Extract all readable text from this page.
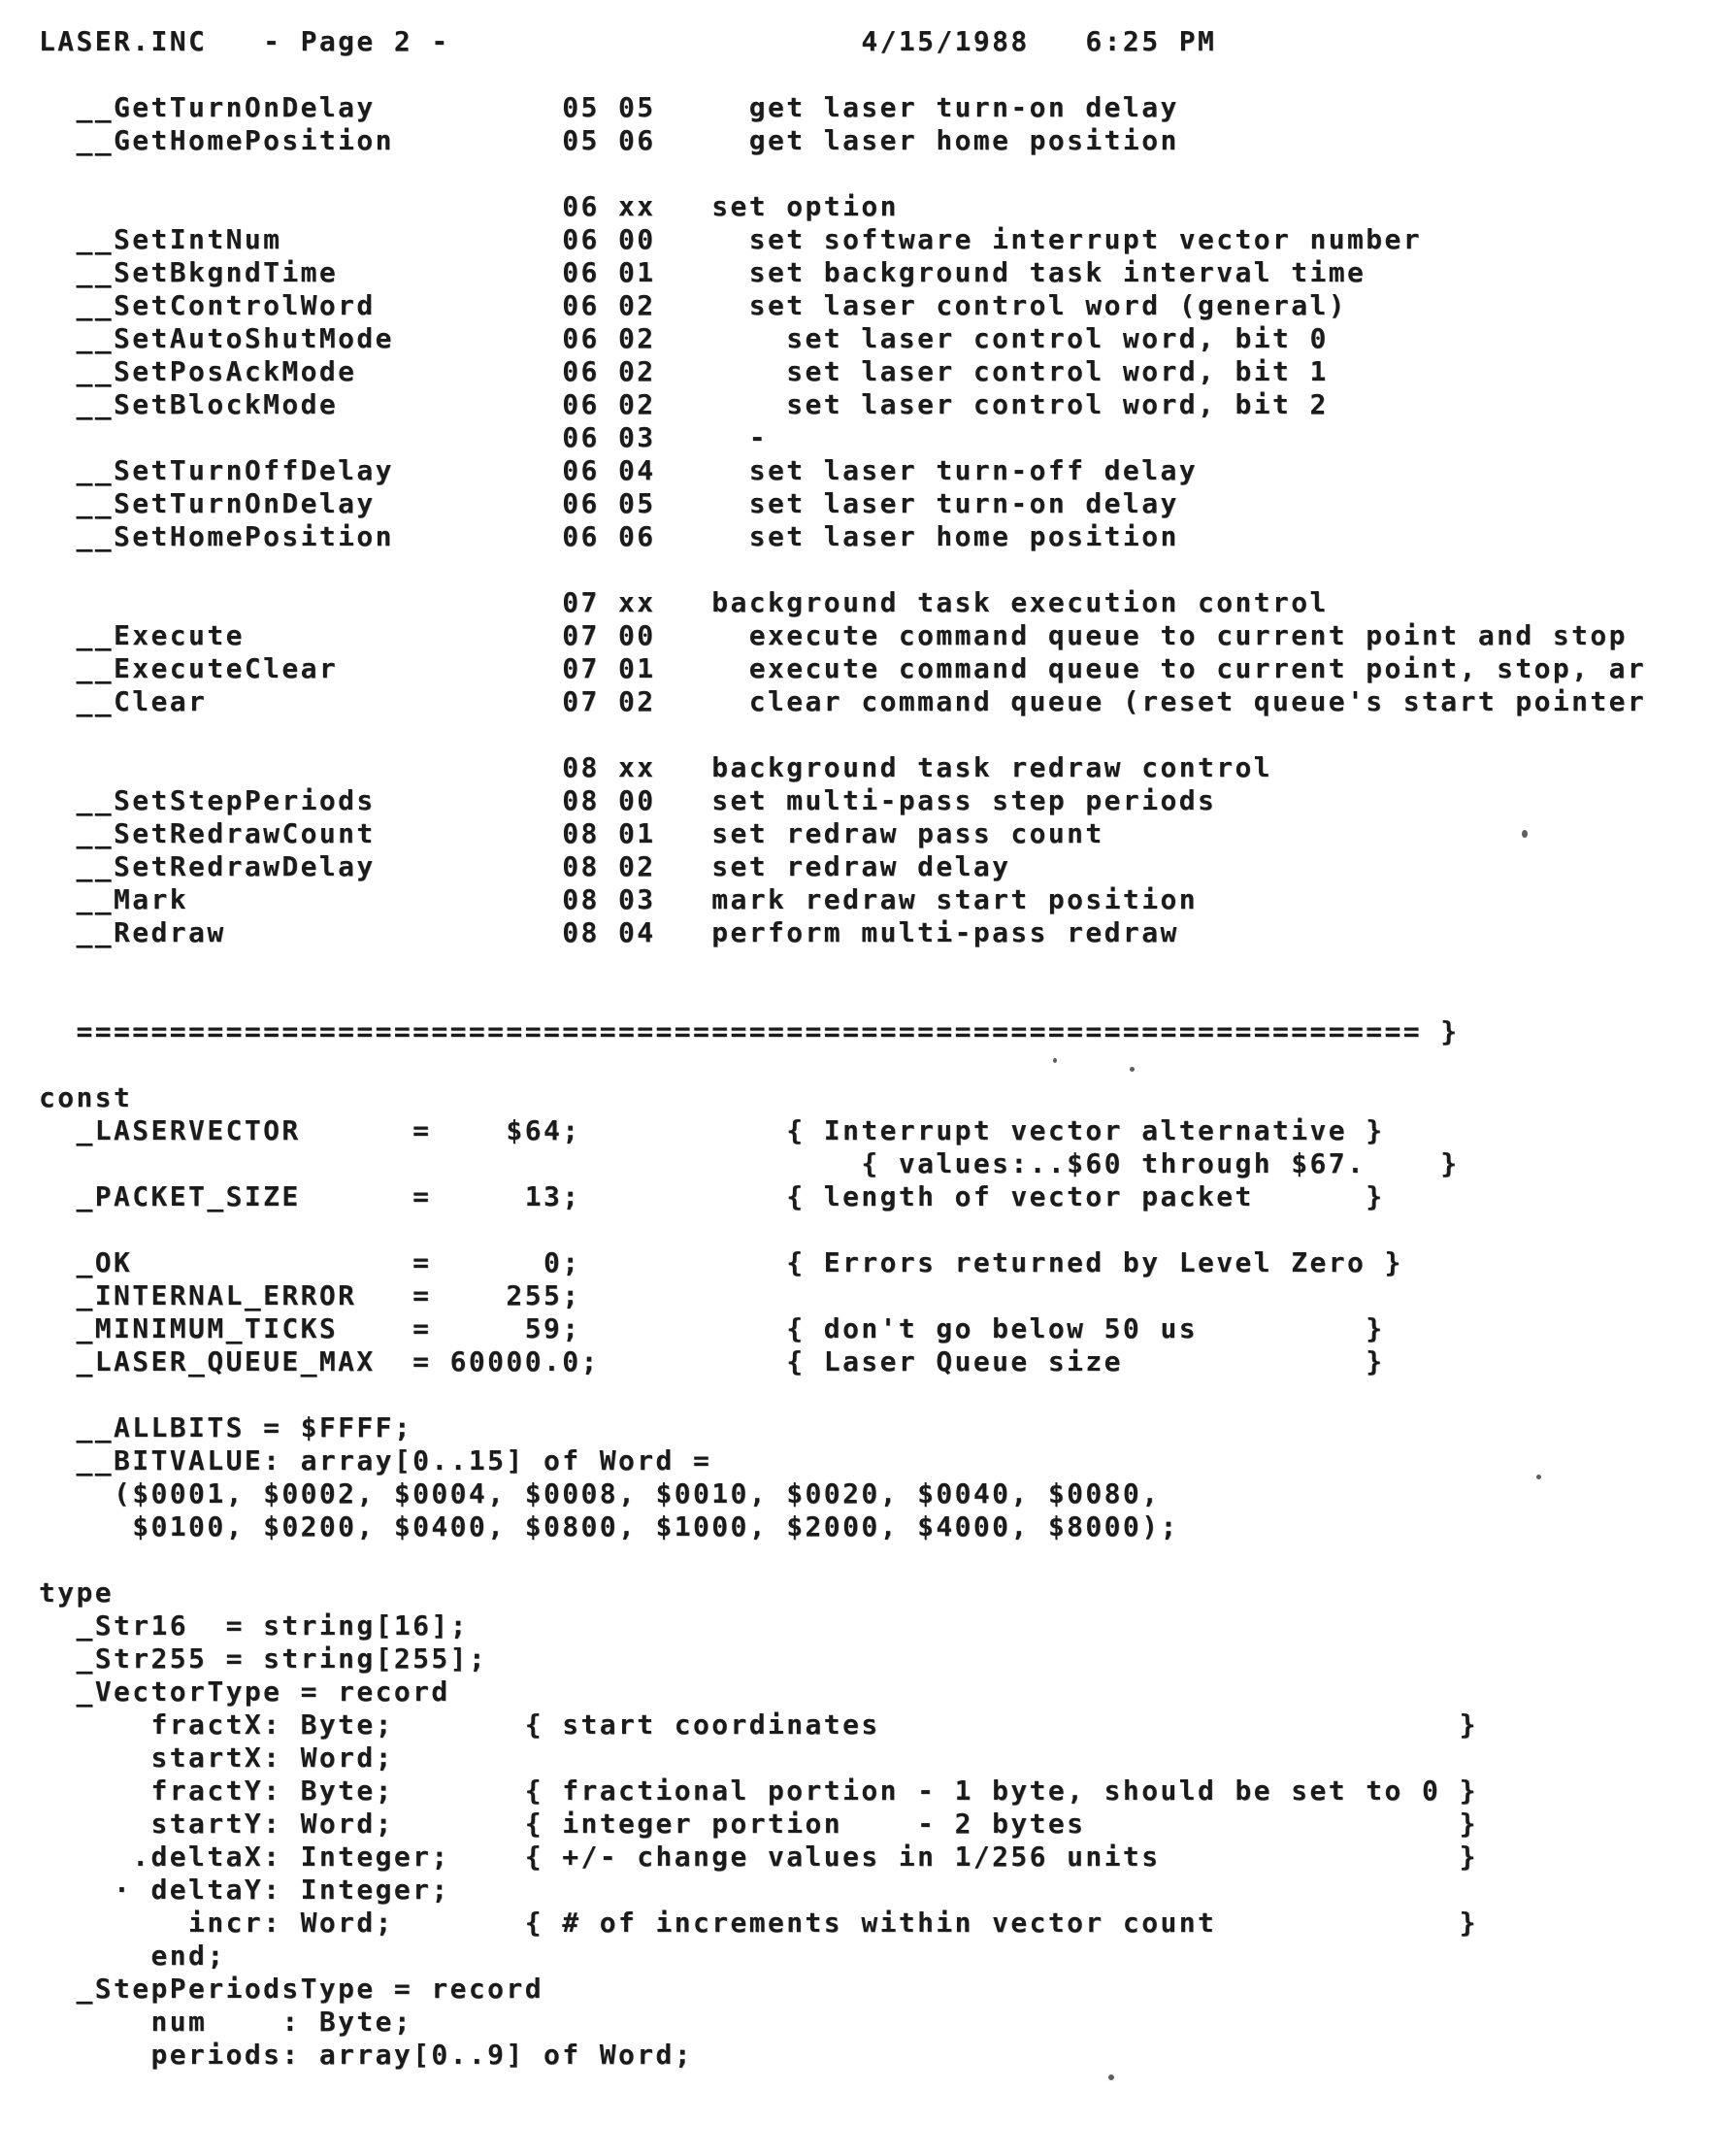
LASER.INC   - Page 2 -                      4/15/1988   6:25 PM
__GetTurnOnDelay          05 05     get laser turn-on delay
__GetHomePosition         05 06     get laser home position
06 xx   set option
__SetIntNum               06 00     set software interrupt vector number
__SetBkgndTime            06 01     set background task interval time
__SetControlWord          06 02     set laser control word (general)
__SetAutoShutMode         06 02       set laser control word, bit 0
__SetPosAckMode           06 02       set laser control word, bit 1
__SetBlockMode            06 02       set laser control word, bit 2
06 03     -
__SetTurnOffDelay         06 04     set laser turn-off delay
__SetTurnOnDelay          06 05     set laser turn-on delay
__SetHomePosition         06 06     set laser home position
07 xx   background task execution control
__Execute                 07 00     execute command queue to current point and stop
__ExecuteClear            07 01     execute command queue to current point, stop, ar
__Clear                   07 02     clear command queue (reset queue's start pointer
08 xx   background task redraw control
__SetStepPeriods          08 00   set multi-pass step periods
__SetRedrawCount          08 01   set redraw pass count
__SetRedrawDelay          08 02   set redraw delay
__Mark                    08 03   mark redraw start position
__Redraw                  08 04   perform multi-pass redraw
======================================================================== }
const
_LASERVECTOR      =    $64;           { Interrupt vector alternative }
{ values:..$60 through $67.    }
_PACKET_SIZE      =     13;           { length of vector packet      }
_OK               =      0;           { Errors returned by Level Zero }
_INTERNAL_ERROR   =    255;
_MINIMUM_TICKS    =     59;           { don't go below 50 us         }
_LASER_QUEUE_MAX  = 60000.0;          { Laser Queue size             }
__ALLBITS = $FFFF;
__BITVALUE: array[0..15] of Word =
($0001, $0002, $0004, $0008, $0010, $0020, $0040, $0080,
$0100, $0200, $0400, $0800, $1000, $2000, $4000, $8000);
type
_Str16  = string[16];
_Str255 = string[255];
_VectorType = record
fractX: Byte;       { start coordinates                               }
startX: Word;
fractY: Byte;       { fractional portion - 1 byte, should be set to 0 }
startY: Word;       { integer portion    - 2 bytes                    }
.deltaX: Integer;    { +/- change values in 1/256 units                }
· deltaY: Integer;
incr: Word;       { # of increments within vector count             }
end;
_StepPeriodsType = record
num    : Byte;
periods: array[0..9] of Word;
